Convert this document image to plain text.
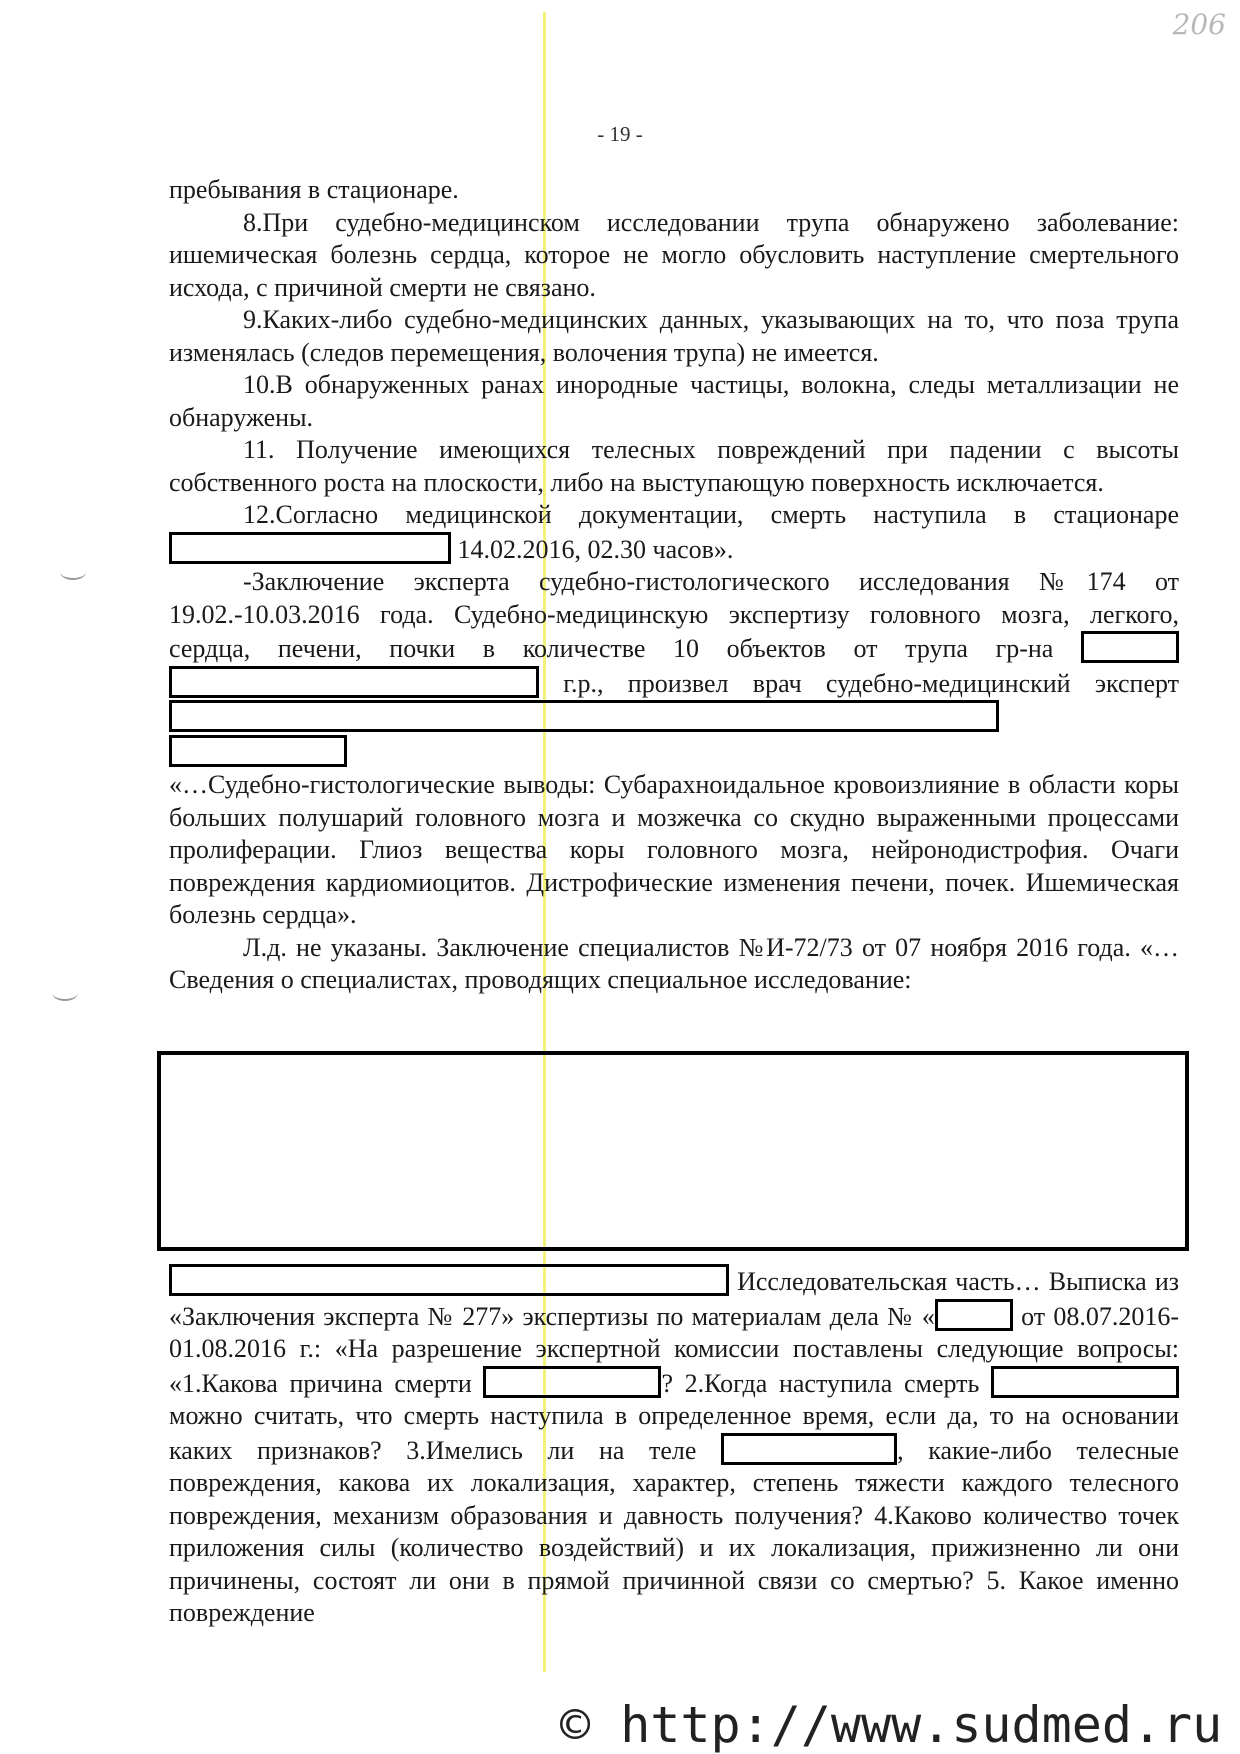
206
- 19 -

пребывания в стационаре.

8.При судебно-медицинском исследовании трупа обнаружено заболевание: ишемическая болезнь сердца, которое не могло обусловить наступление смертельного исхода, с причиной смерти не связано.

9.Каких-либо судебно-медицинских данных, указывающих на то, что поза трупа изменялась (следов перемещения, волочения трупа) не имеется.

10.В обнаруженных ранах инородные частицы, волокна, следы металлизации не обнаружены.

11. Получение имеющихся телесных повреждений при падении с высоты собственного роста на плоскости, либо на выступающую поверхность исключается.

12.Согласно медицинской документации, смерть наступила в стационаре  14.02.2016, 02.30 часов».

-Заключение эксперта судебно-гистологического исследования №174 от 19.02.-10.03.2016 года. Судебно-медицинскую экспертизу головного мозга, легкого, сердца, печени, почки в количестве 10 объектов от трупа гр-на   г.р., произвел врач судебно-медицинский эксперт

«…Судебно-гистологические выводы: Субарахноидальное кровоизлияние в области коры больших полушарий головного мозга и мозжечка со скудно выраженными процессами пролиферации. Глиоз вещества коры головного мозга, нейронодистрофия. Очаги повреждения кардиомиоцитов. Дистрофические изменения печени, почек. Ишемическая болезнь сердца».

Л.д. не указаны. Заключение специалистов №И-72/73 от 07 ноября 2016 года. «…Сведения о специалистах, проводящих специальное исследование:

Исследовательская часть… Выписка из «Заключения эксперта № 277» экспертизы по материалам дела № «	от 08.07.2016-01.08.2016 г.: «На разрешение экспертной комиссии поставлены следующие вопросы: «1.Какова причина смерти	? 2.Когда наступила смерть  можно считать, что смерть наступила в определенное время, если да, то на основании каких признаков? 3.Имелись ли на теле	, какие-либо телесные повреждения, какова их локализация, характер, степень тяжести каждого телесного повреждения, механизм образования и давность получения? 4.Каково количество точек приложения силы (количество воздействий) и их локализация, прижизненно ли они причинены, состоят ли они в прямой причинной связи со смертью? 5. Какое именно повреждение

© http://www.sudmed.ru
